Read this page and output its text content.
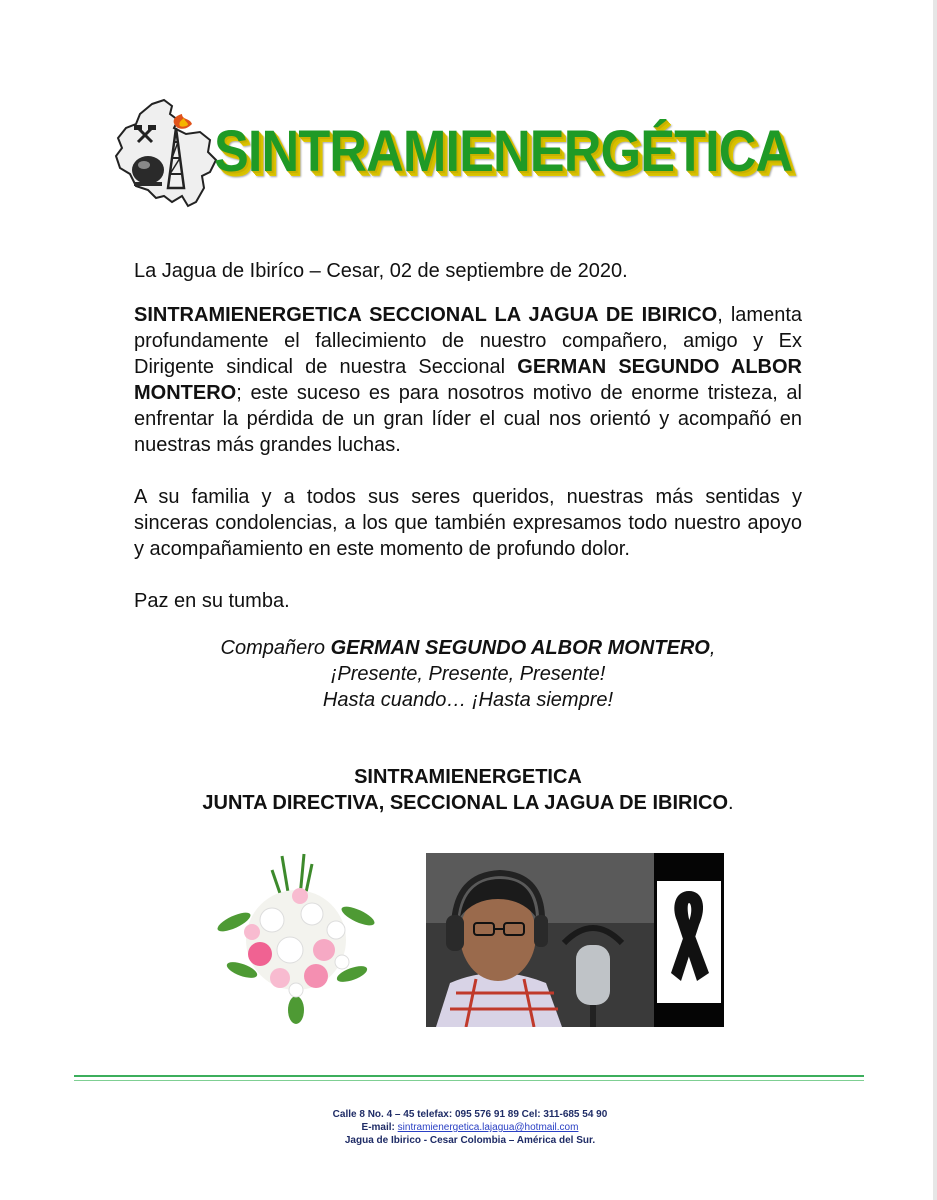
SINTRAMIENERGÉTICA

La Jagua de Ibiríco – Cesar, 02 de septiembre de 2020.

SINTRAMIENERGETICA SECCIONAL LA JAGUA DE IBIRICO, lamenta profundamente el fallecimiento de nuestro compañero, amigo y Ex Dirigente sindical de nuestra Seccional GERMAN SEGUNDO ALBOR MONTERO; este suceso es para nosotros motivo de enorme tristeza, al enfrentar la pérdida de un gran líder el cual nos orientó y acompañó en nuestras más grandes luchas.

A su familia y a todos sus seres queridos, nuestras más sentidas y sinceras condolencias, a los que también expresamos todo nuestro apoyo y acompañamiento en este momento de profundo dolor.

Paz en su tumba.

Compañero GERMAN SEGUNDO ALBOR MONTERO,
¡Presente, Presente, Presente!
Hasta cuando… ¡Hasta siempre!
SINTRAMIENERGETICA
JUNTA DIRECTIVA, SECCIONAL LA JAGUA DE IBIRICO.
Calle 8 No. 4 – 45 telefax: 095 576 91 89 Cel: 311-685 54 90
E-mail: sintramienergetica.lajagua@hotmail.com
Jagua de Ibirico - Cesar Colombia – América del Sur.
